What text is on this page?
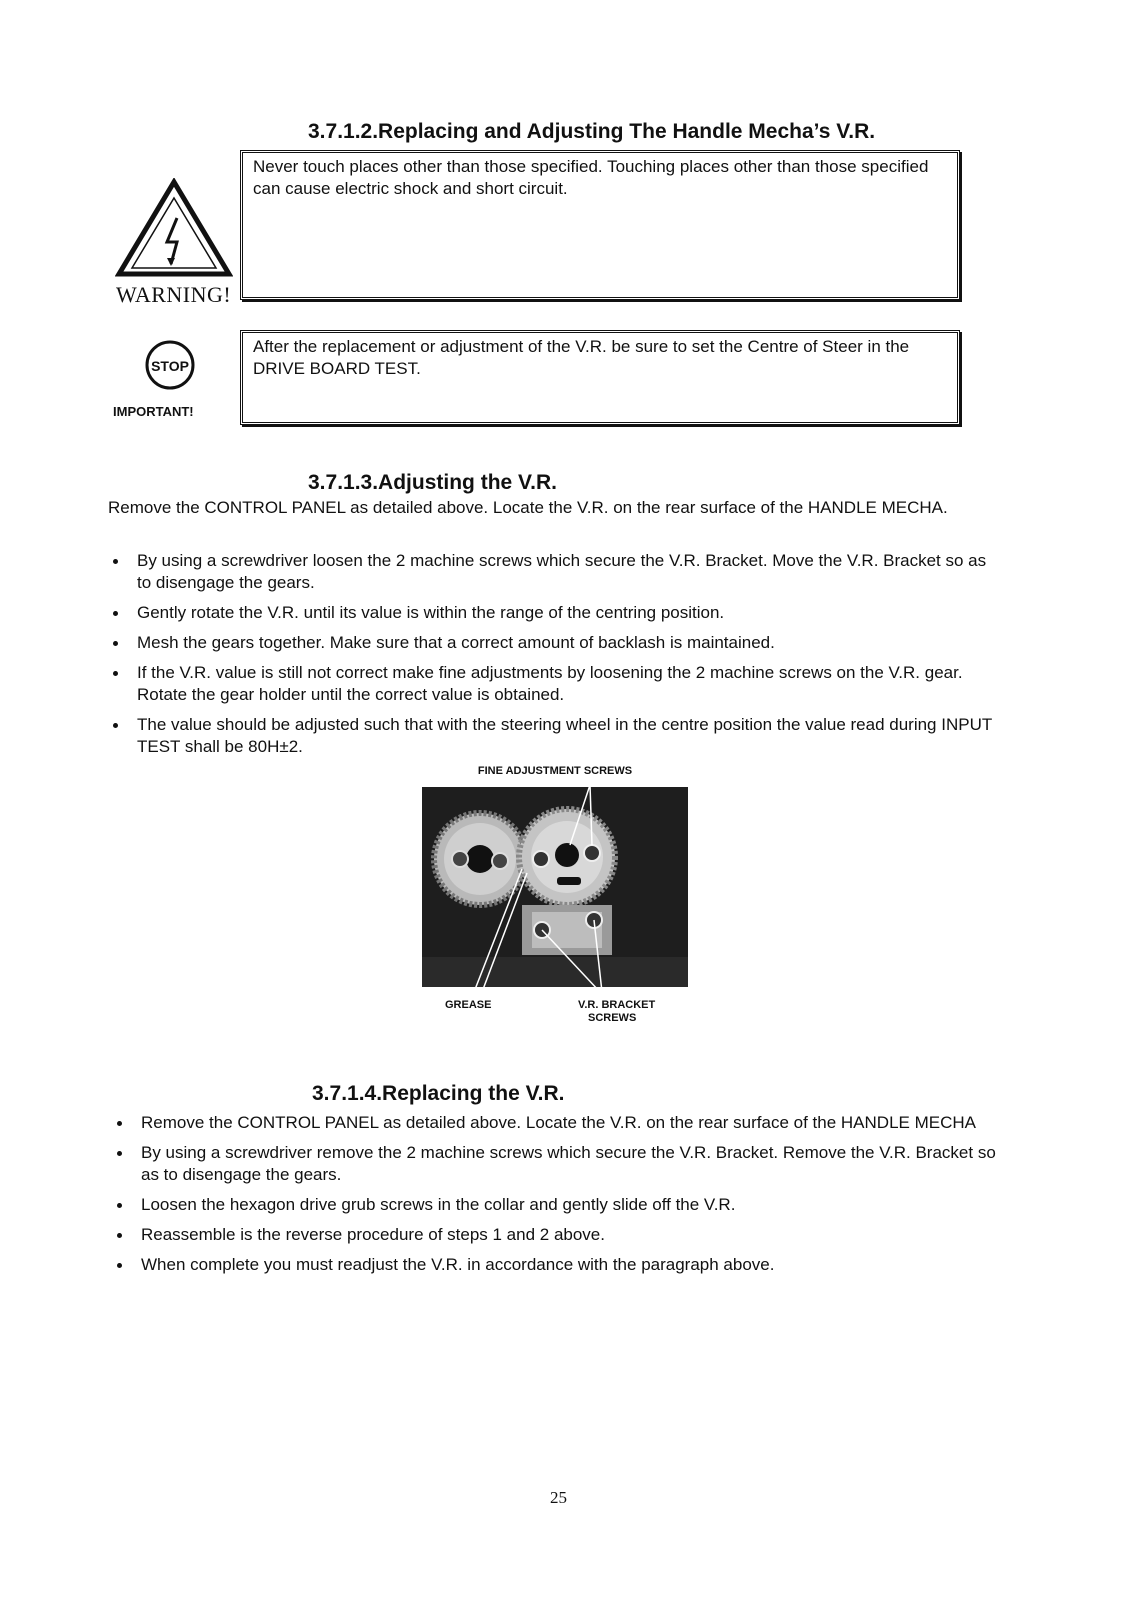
3.7.1.2.Replacing and Adjusting The Handle Mecha’s V.R.
WARNING!
Never touch places other than those specified. Touching places other than those specified can cause electric shock and short circuit.
STOP
IMPORTANT!
After the replacement or adjustment of the V.R. be sure to set the Centre of Steer in the DRIVE BOARD TEST.
3.7.1.3.Adjusting the V.R.
Remove the CONTROL PANEL as detailed above. Locate the V.R. on the rear surface of the HANDLE MECHA.
By using a screwdriver loosen the 2 machine screws which secure the V.R. Bracket. Move the V.R. Bracket so as to disengage the gears.
Gently rotate the V.R. until its value is within the range of the centring position.
Mesh the gears together. Make sure that a correct amount of backlash is maintained.
If the V.R. value is still not correct make fine adjustments by loosening the 2 machine screws on the V.R. gear. Rotate the gear holder until the correct value is obtained.
The value should be adjusted such that with the steering wheel in the centre position the value read during INPUT TEST shall be 80H±2.
FINE ADJUSTMENT SCREWS
GREASE	V.R. BRACKET
SCREWS
3.7.1.4.Replacing the V.R.
Remove the CONTROL PANEL as detailed above. Locate the V.R. on the rear surface of the HANDLE MECHA
By using a screwdriver remove the 2 machine screws which secure the V.R. Bracket. Remove the V.R. Bracket so as to disengage the gears.
Loosen the hexagon drive grub screws in the collar and gently slide off the V.R.
Reassemble is the reverse procedure of steps 1 and 2 above.
When complete you must readjust the V.R. in accordance with the paragraph above.
25
